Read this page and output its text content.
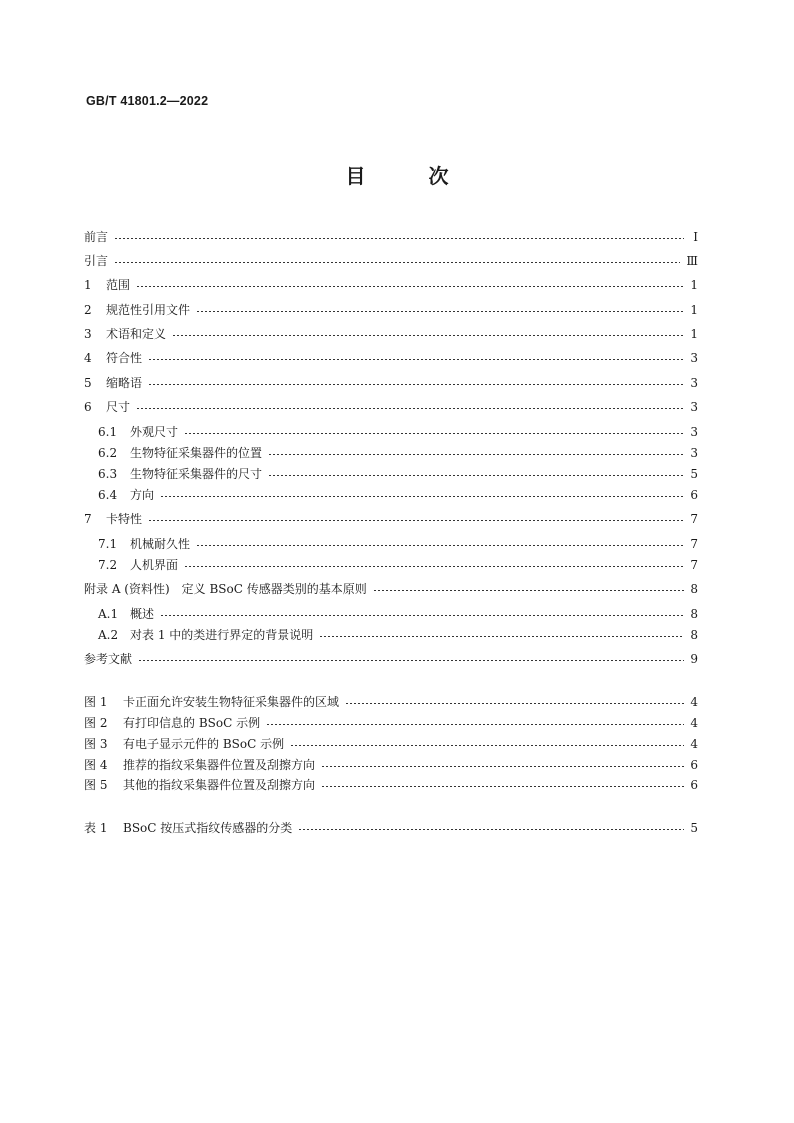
GB/T 41801.2—2022
目 次
前言	Ⅰ
引言	Ⅲ
1 范围	1
2 规范性引用文件	1
3 术语和定义	1
4 符合性	3
5 缩略语	3
6 尺寸	3
6.1 外观尺寸	3
6.2 生物特征采集器件的位置	3
6.3 生物特征采集器件的尺寸	5
6.4 方向	6
7 卡特性	7
7.1 机械耐久性	7
7.2 人机界面	7
附录 A (资料性)　定义 BSoC 传感器类别的基本原则	8
A.1 概述	8
A.2 对表 1 中的类进行界定的背景说明	8
参考文献	9
图 1 卡正面允许安装生物特征采集器件的区域	4
图 2 有打印信息的 BSoC 示例	4
图 3 有电子显示元件的 BSoC 示例	4
图 4 推荐的指纹采集器件位置及刮擦方向	6
图 5 其他的指纹采集器件位置及刮擦方向	6
表 1 BSoC 按压式指纹传感器的分类	5
